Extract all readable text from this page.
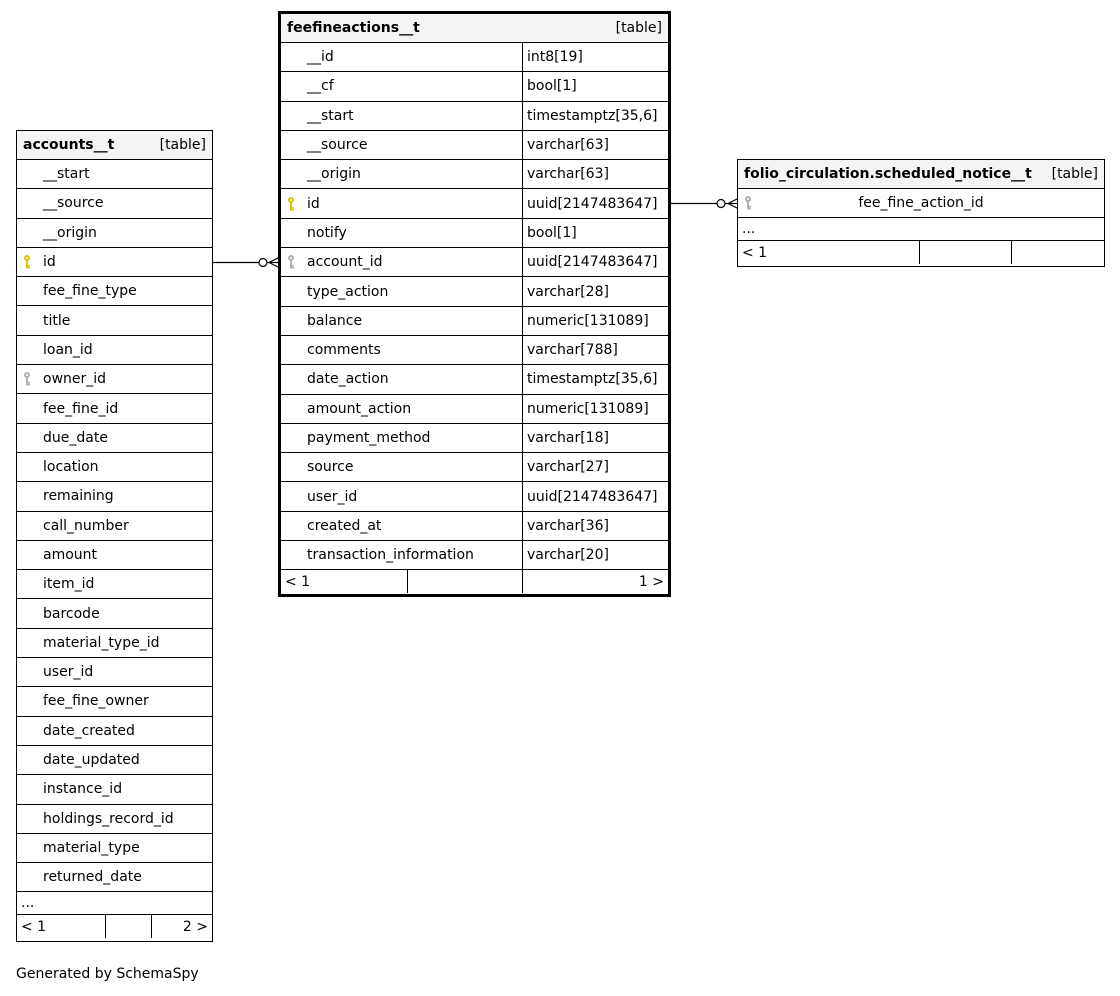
accounts__t	[table]
__start
__source
__origin
id
fee_fine_type
title
loan_id
owner_id
fee_fine_id
due_date
location
remaining
call_number
amount
item_id
barcode
material_type_id
user_id
fee_fine_owner
date_created
date_updated
instance_id
holdings_record_id
material_type
returned_date
...
< 1	2 >
feefineactions__t	[table]
__id	int8[19]
__cf	bool[1]
__start	timestamptz[35,6]
__source	varchar[63]
__origin	varchar[63]
id	uuid[2147483647]
notify	bool[1]
account_id	uuid[2147483647]
type_action	varchar[28]
balance	numeric[131089]
comments	varchar[788]
date_action	timestamptz[35,6]
amount_action	numeric[131089]
payment_method	varchar[18]
source	varchar[27]
user_id	uuid[2147483647]
created_at	varchar[36]
transaction_information	varchar[20]
< 1	1 >
folio_circulation.scheduled_notice__t [table]
fee_fine_action_id
...
< 1
Generated by SchemaSpy
